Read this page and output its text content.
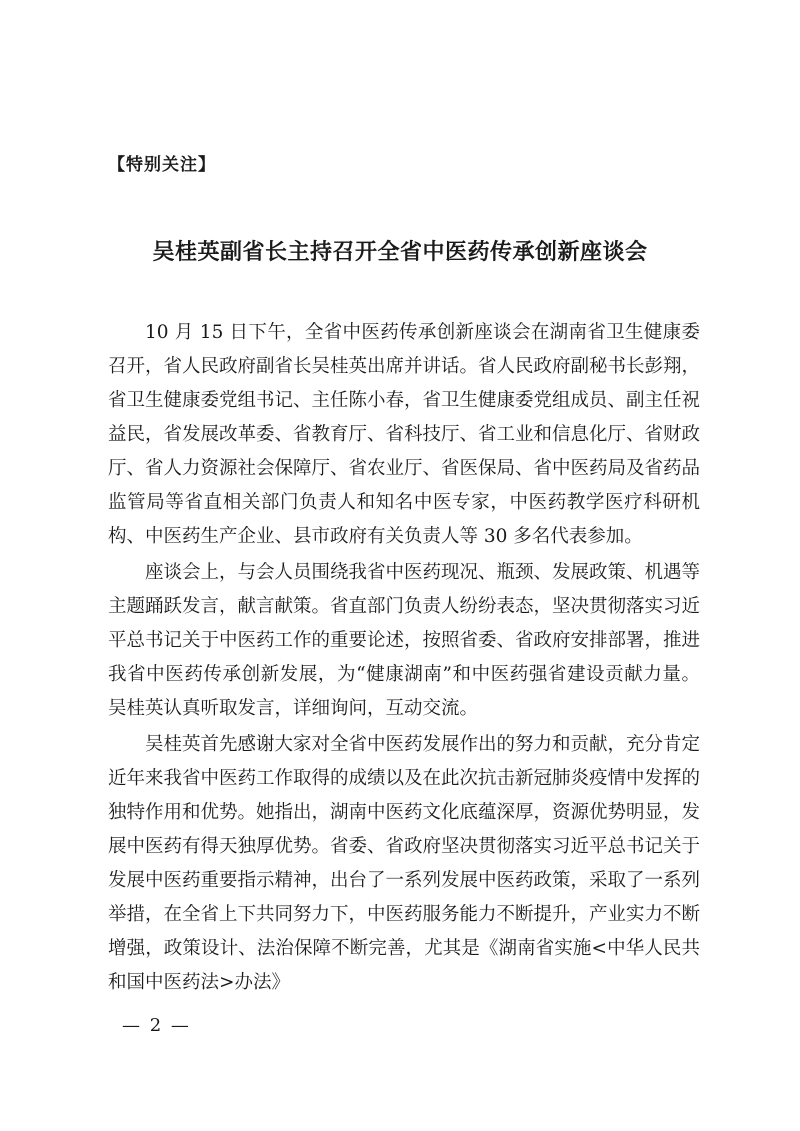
【特别关注】
吴桂英副省长主持召开全省中医药传承创新座谈会

10 月 15 日下午，全省中医药传承创新座谈会在湖南省卫生健康委召开，省人民政府副省长吴桂英出席并讲话。省人民政府副秘书长彭翔，省卫生健康委党组书记、主任陈小春，省卫生健康委党组成员、副主任祝益民，省发展改革委、省教育厅、省科技厅、省工业和信息化厅、省财政厅、省人力资源社会保障厅、省农业厅、省医保局、省中医药局及省药品监管局等省直相关部门负责人和知名中医专家，中医药教学医疗科研机构、中医药生产企业、县市政府有关负责人等 30 多名代表参加。

座谈会上，与会人员围绕我省中医药现况、瓶颈、发展政策、机遇等主题踊跃发言，献言献策。省直部门负责人纷纷表态，坚决贯彻落实习近平总书记关于中医药工作的重要论述，按照省委、省政府安排部署，推进我省中医药传承创新发展，为“健康湖南”和中医药强省建设贡献力量。吴桂英认真听取发言，详细询问，互动交流。

吴桂英首先感谢大家对全省中医药发展作出的努力和贡献，充分肯定近年来我省中医药工作取得的成绩以及在此次抗击新冠肺炎疫情中发挥的独特作用和优势。她指出，湖南中医药文化底蕴深厚，资源优势明显，发展中医药有得天独厚优势。省委、省政府坚决贯彻落实习近平总书记关于发展中医药重要指示精神，出台了一系列发展中医药政策，采取了一系列举措，在全省上下共同努力下，中医药服务能力不断提升，产业实力不断增强，政策设计、法治保障不断完善，尤其是《湖南省实施<中华人民共和国中医药法>办法》

— 2 —
